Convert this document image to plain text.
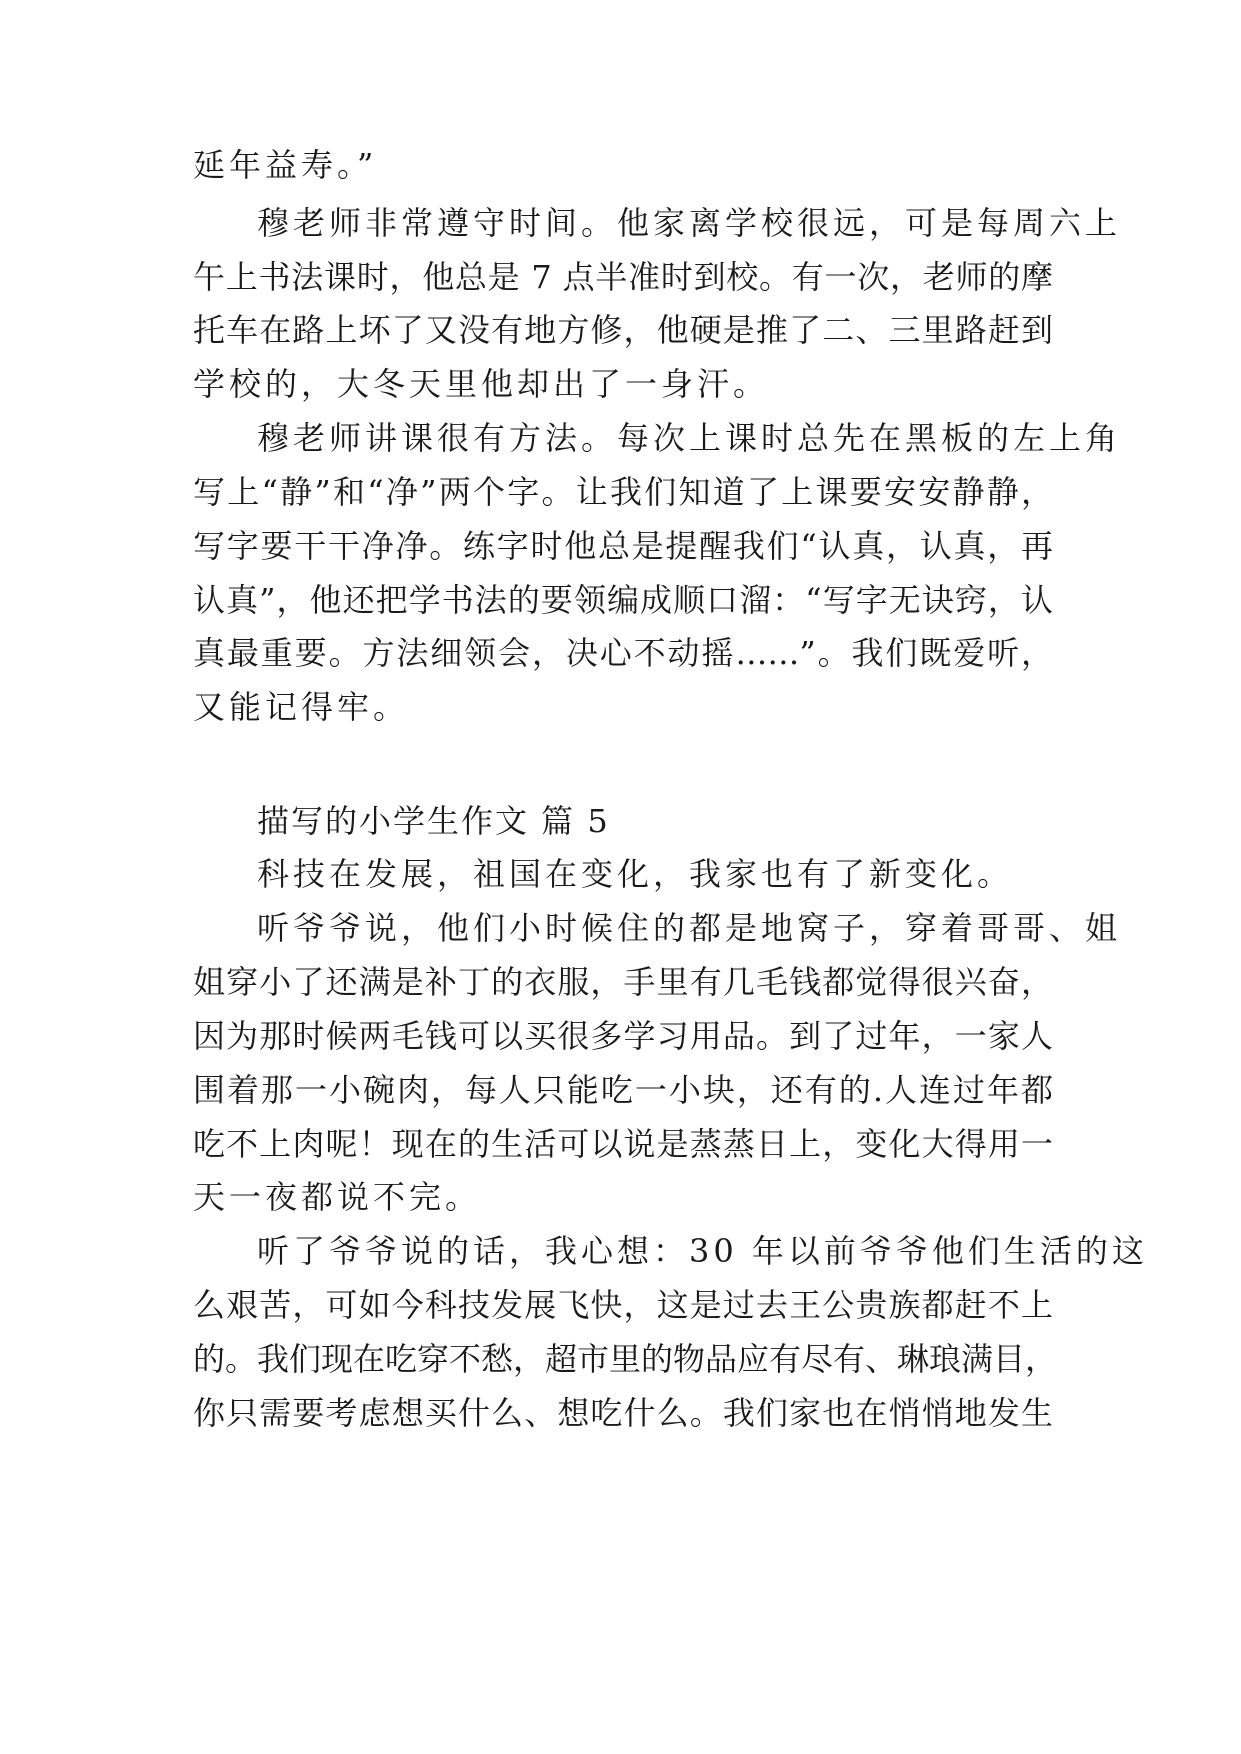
延年益寿。”
穆老师非常遵守时间。他家离学校很远，可是每周六上
午上书法课时，他总是 7 点半准时到校。有一次，老师的摩
托车在路上坏了又没有地方修，他硬是推了二、三里路赶到
学校的，大冬天里他却出了一身汗。
穆老师讲课很有方法。每次上课时总先在黑板的左上角
写上“静”和“净”两个字。让我们知道了上课要安安静静，
写字要干干净净。练字时他总是提醒我们“认真，认真，再
认真”，他还把学书法的要领编成顺口溜：“写字无诀窍，认
真最重要。方法细领会，决心不动摇……”。我们既爱听，
又能记得牢。
描写的小学生作文 篇 5
科技在发展，祖国在变化，我家也有了新变化。
听爷爷说，他们小时候住的都是地窝子，穿着哥哥、姐
姐穿小了还满是补丁的衣服，手里有几毛钱都觉得很兴奋，
因为那时候两毛钱可以买很多学习用品。到了过年，一家人
围着那一小碗肉，每人只能吃一小块，还有的.人连过年都
吃不上肉呢！现在的生活可以说是蒸蒸日上，变化大得用一
天一夜都说不完。
听了爷爷说的话，我心想：30 年以前爷爷他们生活的这
么艰苦，可如今科技发展飞快，这是过去王公贵族都赶不上
的。我们现在吃穿不愁，超市里的物品应有尽有、琳琅满目，
你只需要考虑想买什么、想吃什么。我们家也在悄悄地发生
